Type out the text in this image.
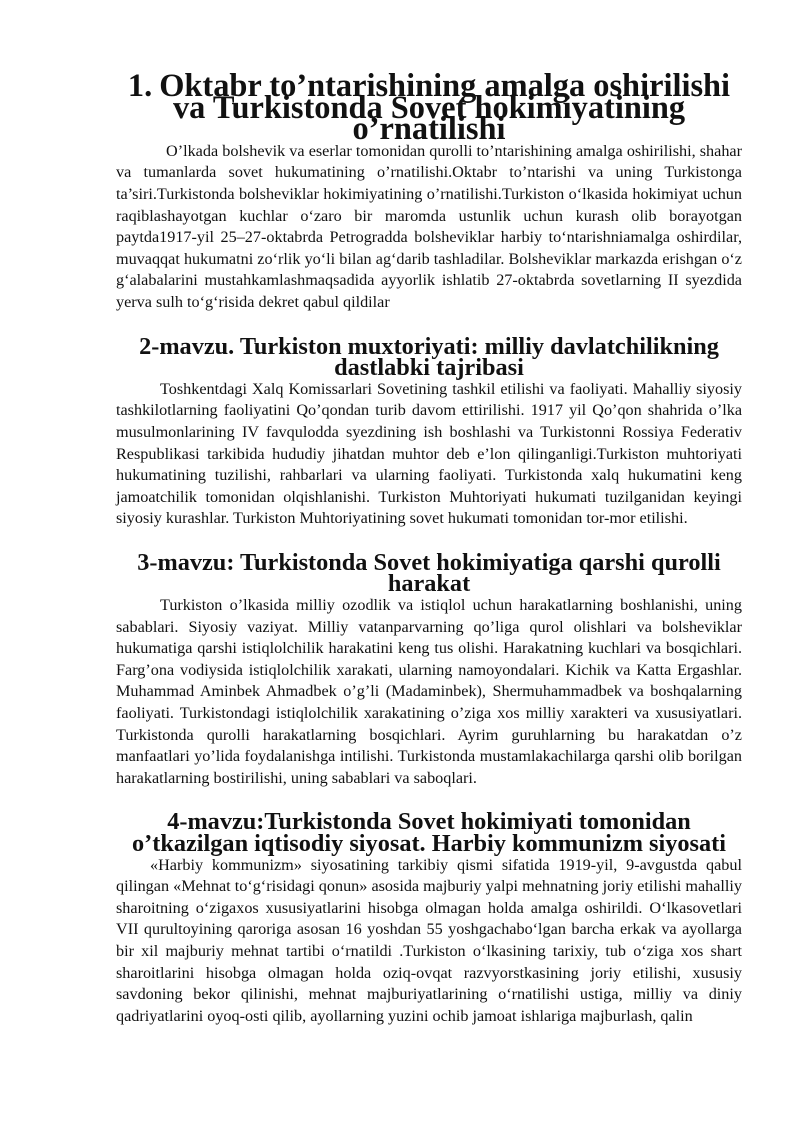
1. Oktabr to’ntarishining amalga oshirilishi va Turkistonda Sovet hokimiyatining o’rnatilishi

O’lkada bolshevik va eserlar tomonidan qurolli to’ntarishining amalga oshirilishi, shahar va tumanlarda sovet hukumatining o’rnatilishi.Oktabr to’ntarishi va uning Turkistonga ta’siri.Turkistonda bolsheviklar hokimiyatining o’rnatilishi.Turkiston o‘lkasida hokimiyat uchun raqiblashayotgan kuchlar o‘zaro bir maromda ustunlik uchun kurash olib borayotgan paytda1917-yil 25–27-oktabrda Petrogradda bolsheviklar harbiy to‘ntarishniamalga oshirdilar, muvaqqat hukumatni zo‘rlik yo‘li bilan ag‘darib tashladilar. Bolsheviklar markazda erishgan o‘z g‘alabalarini mustahkamlashmaqsadida ayyorlik ishlatib 27-oktabrda sovetlarning II syezdida yerva sulh to‘g‘risida dekret qabul qildilar

2-mavzu. Turkiston muxtoriyati: milliy davlatchilikning dastlabki tajribasi

Toshkentdagi Xalq Komissarlari Sovetining tashkil etilishi va faoliyati. Mahalliy siyosiy tashkilotlarning faoliyatini Qo’qondan turib davom ettirilishi. 1917 yil Qo’qon shahrida o’lka musulmonlarining IV favqulodda syezdining ish boshlashi va Turkistonni Rossiya Federativ Respublikasi tarkibida hududiy jihatdan muhtor deb e’lon qilinganligi.Turkiston muhtoriyati hukumatining tuzilishi, rahbarlari va ularning faoliyati. Turkistonda xalq hukumatini keng jamoatchilik tomonidan olqishlanishi. Turkiston Muhtoriyati hukumati tuzilganidan keyingi siyosiy kurashlar. Turkiston Muhtoriyatining sovet hukumati tomonidan tor-mor etilishi.

3-mavzu: Turkistonda Sovet hokimiyatiga qarshi qurolli harakat

Turkiston o’lkasida milliy ozodlik va istiqlol uchun harakatlarning boshlanishi, uning sabablari. Siyosiy vaziyat. Milliy vatanparvarning qo’liga qurol olishlari va bolsheviklar hukumatiga qarshi istiqlolchilik harakatini keng tus olishi. Harakatning kuchlari va bosqichlari. Farg’ona vodiysida istiqlolchilik xarakati, ularning namoyondalari. Kichik va Katta Ergashlar. Muhammad Aminbek Ahmadbek o’g’li (Madaminbek), Shermuhammadbek va boshqalarning faoliyati. Turkistondagi istiqlolchilik xarakatining o’ziga xos milliy xarakteri va xususiyatlari. Turkistonda qurolli harakatlarning bosqichlari. Ayrim guruhlarning bu harakatdan o’z manfaatlari yo’lida foydalanishga intilishi. Turkistonda mustamlakachilarga qarshi olib borilgan harakatlarning bostirilishi, uning sabablari va saboqlari.

4-mavzu:Turkistonda Sovet hokimiyati tomonidan o’tkazilgan iqtisodiy siyosat. Harbiy kommunizm siyosati

«Harbiy kommunizm» siyosatining tarkibiy qismi sifatida 1919-yil, 9-avgustda qabul qilingan «Mehnat to‘g‘risidagi qonun» asosida majburiy yalpi mehnatning joriy etilishi mahalliy sharoitning o‘zigaxos xususiyatlarini hisobga olmagan holda amalga oshirildi. O‘lkasovetlari VII qurultoyining qaroriga asosan 16 yoshdan 55 yoshgachabo‘lgan barcha erkak va ayollarga bir xil majburiy mehnat tartibi o‘rnatildi .Turkiston o‘lkasining tarixiy, tub o‘ziga xos shart sharoitlarini hisobga olmagan holda oziq-ovqat razvyorstkasining joriy etilishi, xususiy savdoning bekor qilinishi, mehnat majburiyatlarining o‘rnatilishi ustiga, milliy va diniy qadriyatlarini oyoq-osti qilib, ayollarning yuzini ochib jamoat ishlariga majburlash, qalin
